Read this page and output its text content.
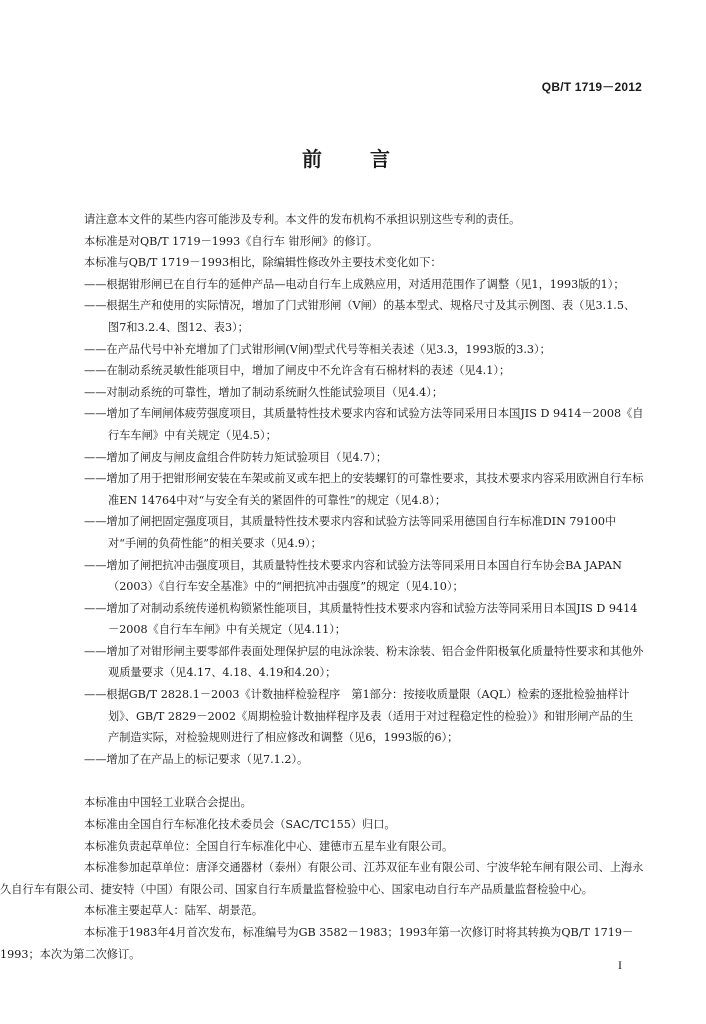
QB/T 1719－2012
前　言

请注意本文件的某些内容可能涉及专利。本文件的发布机构不承担识别这些专利的责任。

本标准是对QB/T 1719－1993《自行车 钳形闸》的修订。

本标准与QB/T 1719－1993相比，除编辑性修改外主要技术变化如下：

——根据钳形闸已在自行车的延伸产品—电动自行车上成熟应用，对适用范围作了调整（见1，1993版的1）；

——根据生产和使用的实际情况，增加了门式钳形闸（V闸）的基本型式、规格尺寸及其示例图、表（见3.1.5、图7和3.2.4、图12、表3）；

——在产品代号中补充增加了门式钳形闸(V闸)型式代号等相关表述（见3.3，1993版的3.3）；

——在制动系统灵敏性能项目中，增加了闸皮中不允许含有石棉材料的表述（见4.1）；

——对制动系统的可靠性，增加了制动系统耐久性能试验项目（见4.4）；

——增加了车闸闸体疲劳强度项目，其质量特性技术要求内容和试验方法等同采用日本国JIS D 9414－2008《自行车车闸》中有关规定（见4.5）；

——增加了闸皮与闸皮盒组合件防转力矩试验项目（见4.7）；

——增加了用于把钳形闸安装在车架或前叉或车把上的安装螺钉的可靠性要求，其技术要求内容采用欧洲自行车标准EN 14764中对“与安全有关的紧固件的可靠性”的规定（见4.8）；

——增加了闸把固定强度项目，其质量特性技术要求内容和试验方法等同采用德国自行车标准DIN 79100中对“手闸的负荷性能”的相关要求（见4.9）；

——增加了闸把抗冲击强度项目，其质量特性技术要求内容和试验方法等同采用日本国自行车协会BA JAPAN（2003）《自行车安全基准》中的“闸把抗冲击强度”的规定（见4.10）；

——增加了对制动系统传递机构锁紧性能项目，其质量特性技术要求内容和试验方法等同采用日本国JIS D 9414－2008《自行车车闸》中有关规定（见4.11）；

——增加了对钳形闸主要零部件表面处理保护层的电泳涂装、粉末涂装、铝合金件阳极氧化质量特性要求和其他外观质量要求（见4.17、4.18、4.19和4.20）；

——根据GB/T 2828.1－2003《计数抽样检验程序　第1部分：按接收质量限（AQL）检索的逐批检验抽样计划》、GB/T 2829－2002《周期检验计数抽样程序及表（适用于对过程稳定性的检验）》和钳形闸产品的生产制造实际，对检验规则进行了相应修改和调整（见6，1993版的6）；

——增加了在产品上的标记要求（见7.1.2）。

本标准由中国轻工业联合会提出。

本标准由全国自行车标准化技术委员会（SAC/TC155）归口。

本标准负责起草单位：全国自行车标准化中心、建德市五星车业有限公司。

本标准参加起草单位：唐泽交通器材（泰州）有限公司、江苏双征车业有限公司、宁波华轮车闸有限公司、上海永久自行车有限公司、捷安特（中国）有限公司、国家自行车质量监督检验中心、国家电动自行车产品质量监督检验中心。

本标准主要起草人：陆军、胡景范。

本标准于1983年4月首次发布，标准编号为GB 3582－1983；1993年第一次修订时将其转换为QB/T 1719－1993；本次为第二次修订。

I
